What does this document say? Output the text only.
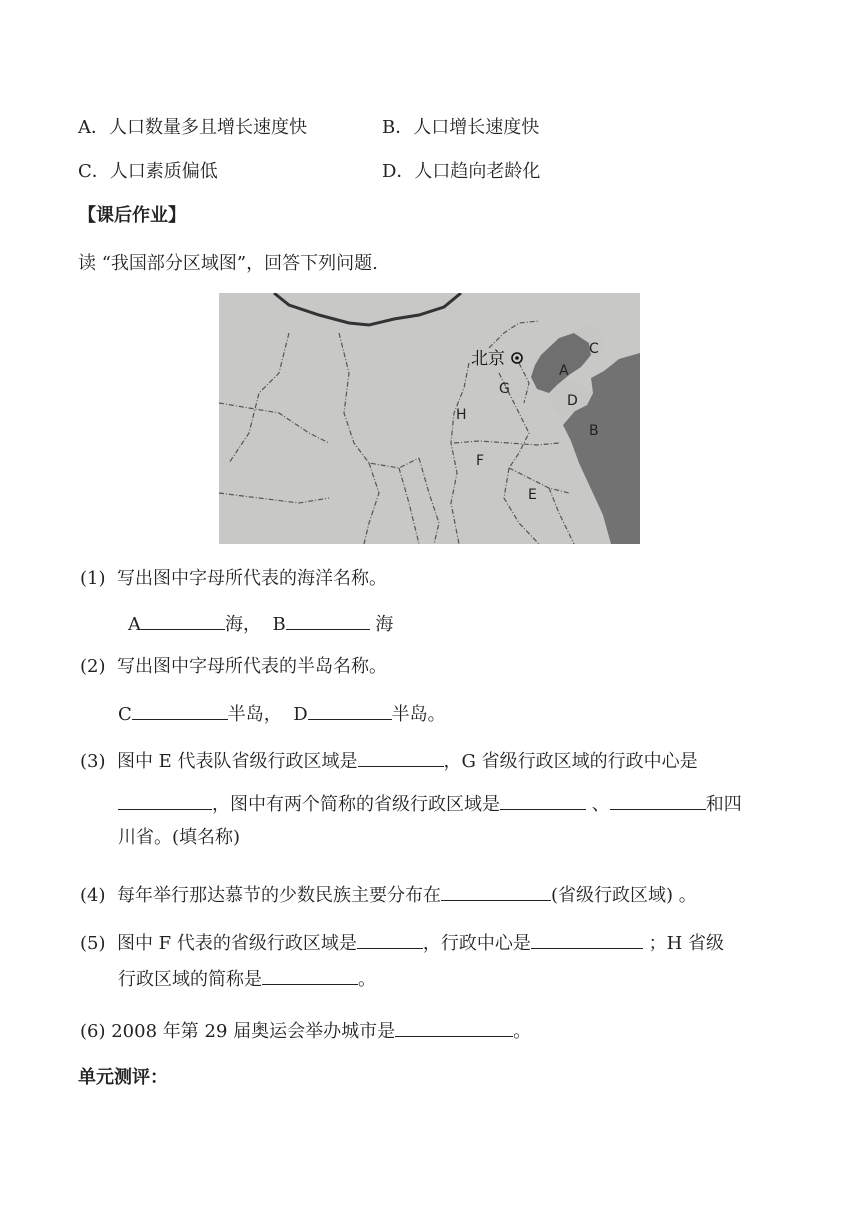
A．人口数量多且增长速度快	B．人口增长速度快
C．人口素质偏低	D．人口趋向老龄化
【课后作业】
读 “我国部分区域图”，回答下列问题.
北京
A
B
C
D
E
F
G
H
(1) 写出图中字母所代表的海洋名称。
A	海， B	海
(2) 写出图中字母所代表的半岛名称。
C	半岛， D	半岛。
(3) 图中 E 代表队省级行政区域是	，G 省级行政区域的行政中心是
，图中有两个简称的省级行政区域是	、	和四
川省。(填名称)
(4) 每年举行那达慕节的少数民族主要分布在	(省级行政区域) 。
(5) 图中 F 代表的省级行政区域是	，行政中心是	；H 省级
行政区域的简称是	。
(6) 2008 年第 29 届奥运会举办城市是	。
单元测评：
